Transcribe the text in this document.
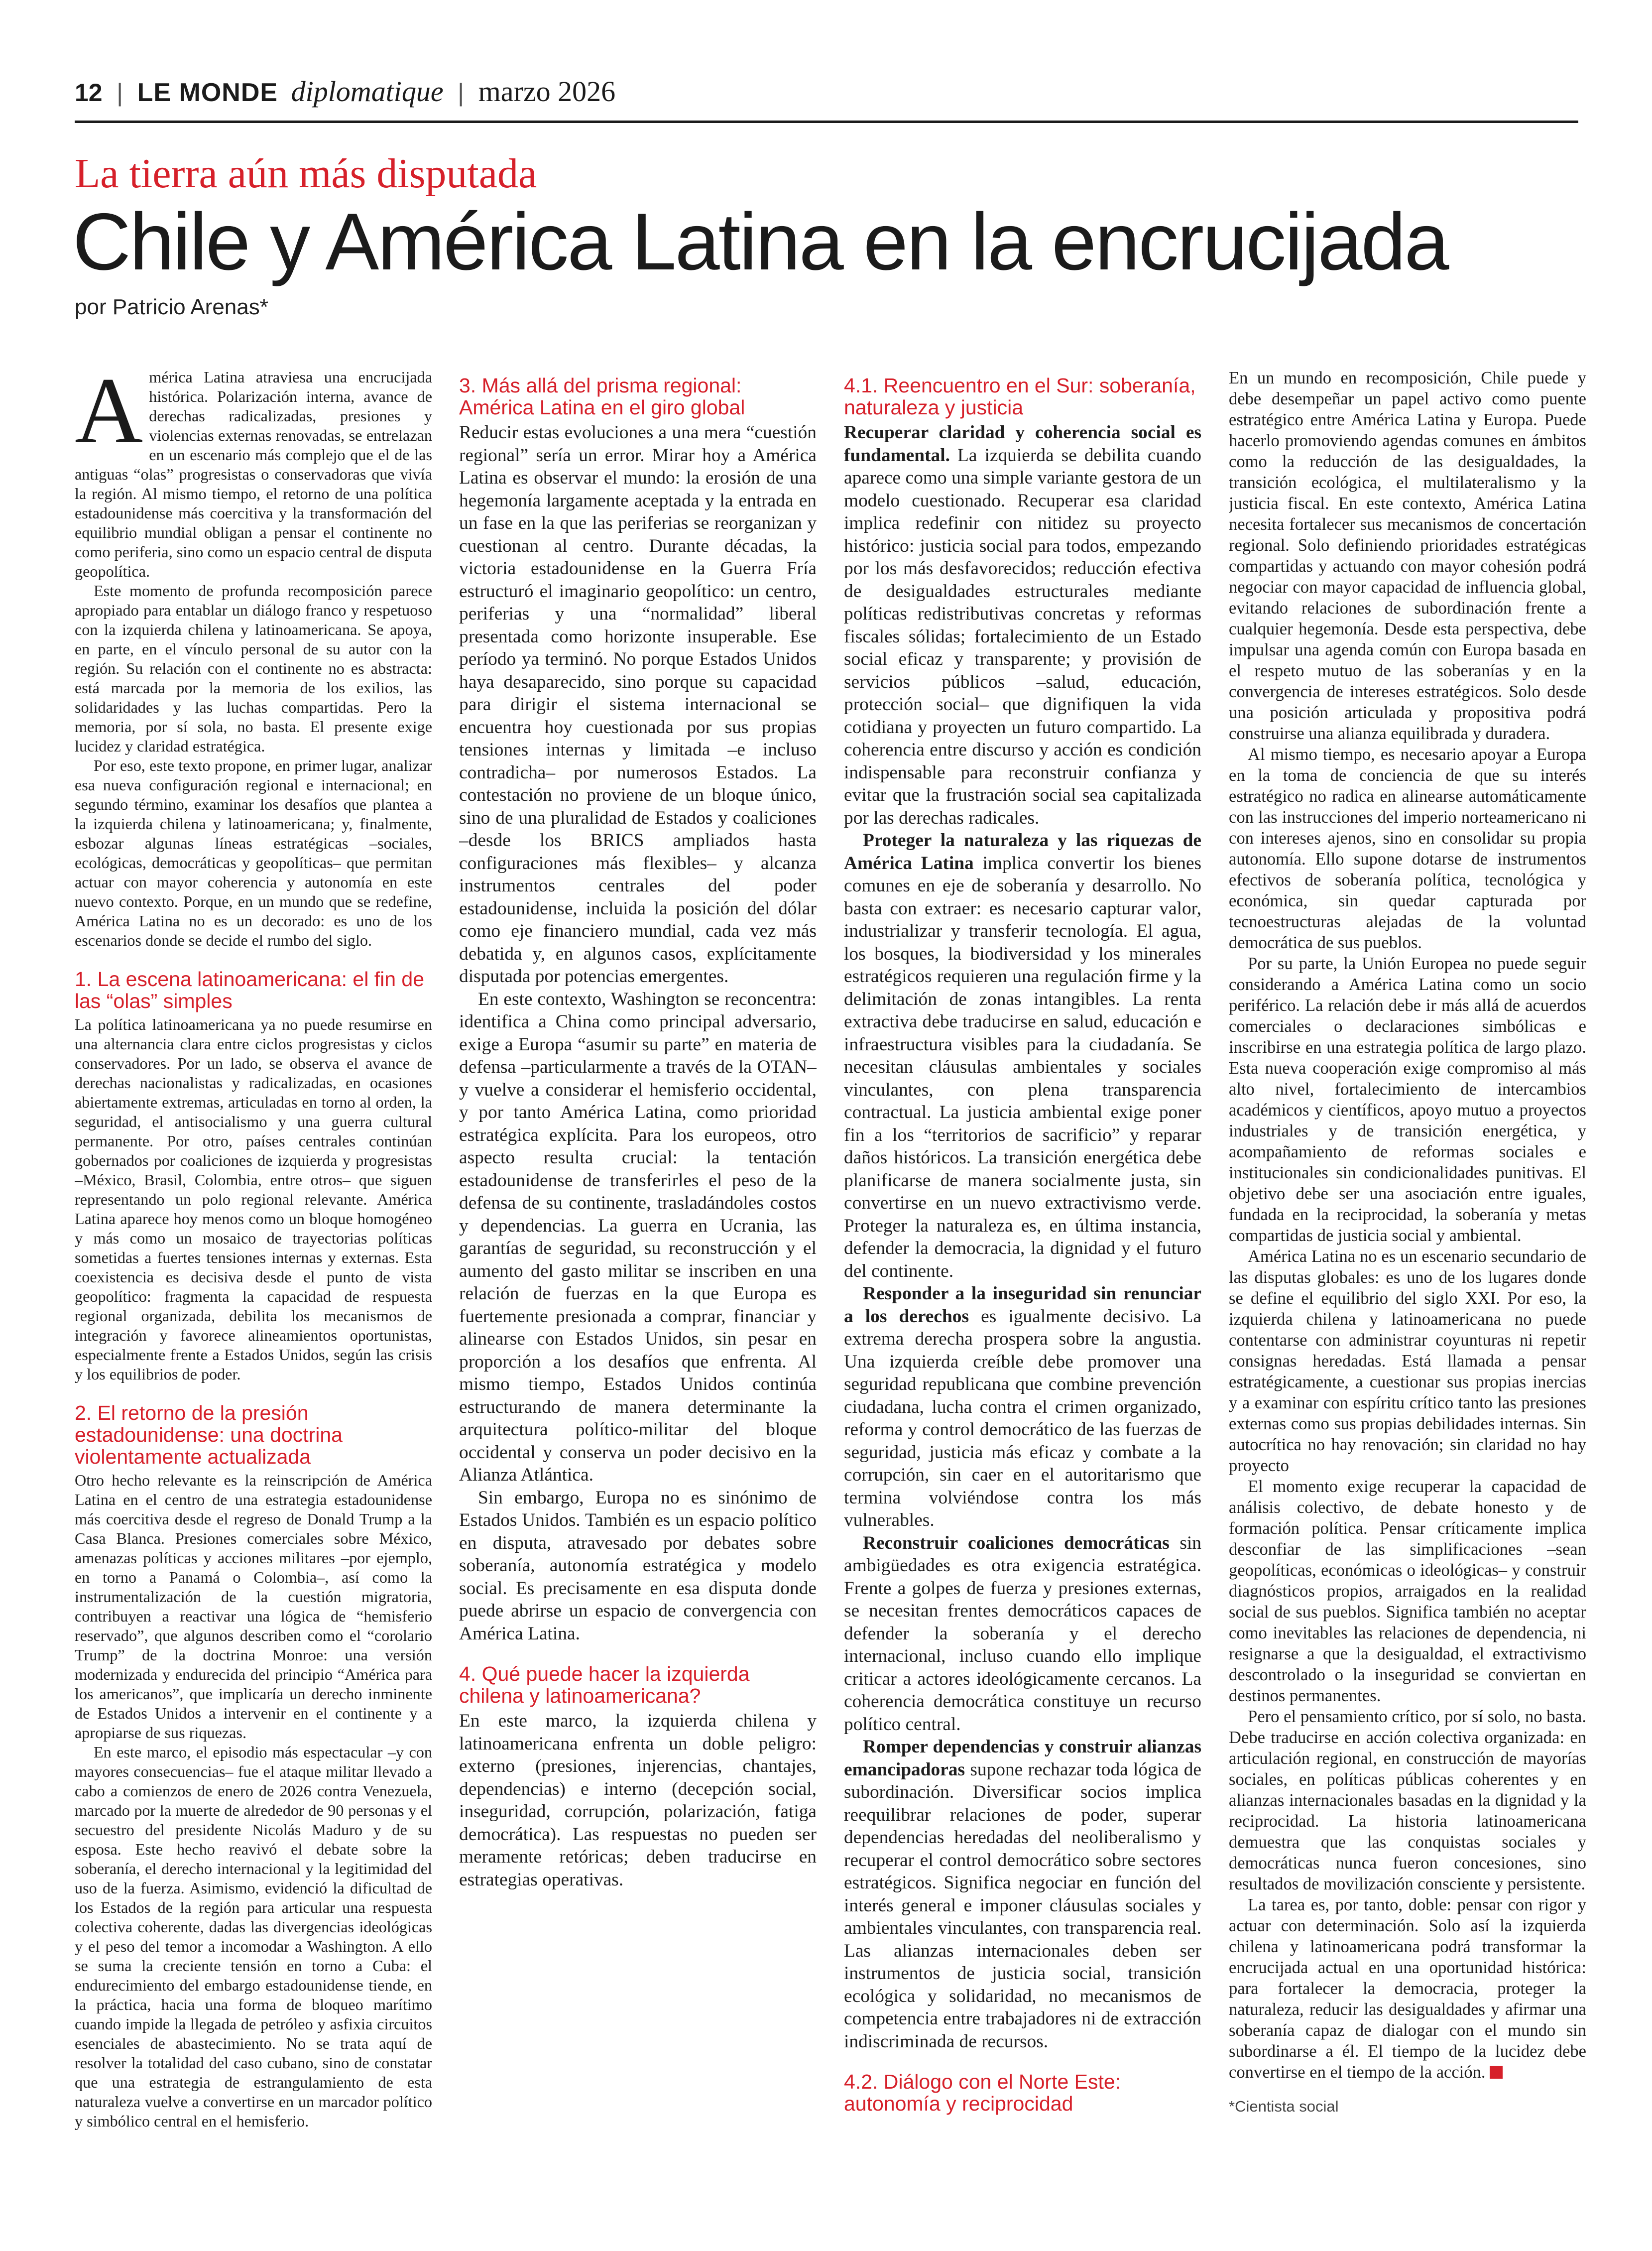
12 | LE MONDE diplomatique | marzo 2026
La tierra aún más disputada
Chile y América Latina en la encrucijada
por Patricio Arenas*

América Latina atraviesa una encrucijada histórica. Polarización interna, avance de derechas radicalizadas, presiones y violencias externas renovadas, se entrelazan en un escenario más complejo que el de las antiguas “olas” progresistas o conservadoras que vivía la región. Al mismo tiempo, el retorno de una política estadounidense más coercitiva y la transformación del equilibrio mundial obligan a pensar el continente no como periferia, sino como un espacio central de disputa geopolítica.

Este momento de profunda recomposición parece apropiado para entablar un diálogo franco y respetuoso con la izquierda chilena y latinoamericana. Se apoya, en parte, en el vínculo personal de su autor con la región. Su relación con el continente no es abstracta: está marcada por la memoria de los exilios, las solidaridades y las luchas compartidas. Pero la memoria, por sí sola, no basta. El presente exige lucidez y claridad estratégica.

Por eso, este texto propone, en primer lugar, analizar esa nueva configuración regional e internacional; en segundo término, examinar los desafíos que plantea a la izquierda chilena y latinoamericana; y, finalmente, esbozar algunas líneas estratégicas –sociales, ecológicas, democráticas y geopolíticas– que permitan actuar con mayor coherencia y autonomía en este nuevo contexto. Porque, en un mundo que se redefine, América Latina no es un decorado: es uno de los escenarios donde se decide el rumbo del siglo.

1. La escena latinoamericana: el fin de las “olas” simples

La política latinoamericana ya no puede resumirse en una alternancia clara entre ciclos progresistas y ciclos conservadores. Por un lado, se observa el avance de derechas nacionalistas y radicalizadas, en ocasiones abiertamente extremas, articuladas en torno al orden, la seguridad, el antisocialismo y una guerra cultural permanente. Por otro, países centrales continúan gobernados por coaliciones de izquierda y progresistas –México, Brasil, Colombia, entre otros– que siguen representando un polo regional relevante. América Latina aparece hoy menos como un bloque homogéneo y más como un mosaico de trayectorias políticas sometidas a fuertes tensiones internas y externas. Esta coexistencia es decisiva desde el punto de vista geopolítico: fragmenta la capacidad de respuesta regional organizada, debilita los mecanismos de integración y favorece alineamientos oportunistas, especialmente frente a Estados Unidos, según las crisis y los equilibrios de poder.

2. El retorno de la presión estadounidense: una doctrina violentamente actualizada

Otro hecho relevante es la reinscripción de América Latina en el centro de una estrategia estadounidense más coercitiva desde el regreso de Donald Trump a la Casa Blanca. Presiones comerciales sobre México, amenazas políticas y acciones militares –por ejemplo, en torno a Panamá o Colombia–, así como la instrumentalización de la cuestión migratoria, contribuyen a reactivar una lógica de “hemisferio reservado”, que algunos describen como el “corolario Trump” de la doctrina Monroe: una versión modernizada y endurecida del principio “América para los americanos”, que implicaría un derecho inminente de Estados Unidos a intervenir en el continente y a apropiarse de sus riquezas.

En este marco, el episodio más espectacular –y con mayores consecuencias– fue el ataque militar llevado a cabo a comienzos de enero de 2026 contra Venezuela, marcado por la muerte de alrededor de 90 personas y el secuestro del presidente Nicolás Maduro y de su esposa. Este hecho reavivó el debate sobre la soberanía, el derecho internacional y la legitimidad del uso de la fuerza. Asimismo, evidenció la dificultad de los Estados de la región para articular una respuesta colectiva coherente, dadas las divergencias ideológicas y el peso del temor a incomodar a Washington. A ello se suma la creciente tensión en torno a Cuba: el endurecimiento del embargo estadounidense tiende, en la práctica, hacia una forma de bloqueo marítimo cuando impide la llegada de petróleo y asfixia circuitos esenciales de abastecimiento. No se trata aquí de resolver la totalidad del caso cubano, sino de constatar que una estrategia de estrangulamiento de esta naturaleza vuelve a convertirse en un marcador político y simbólico central en el hemisferio.

3. Más allá del prisma regional: América Latina en el giro global

Reducir estas evoluciones a una mera “cuestión regional” sería un error. Mirar hoy a América Latina es observar el mundo: la erosión de una hegemonía largamente aceptada y la entrada en un fase en la que las periferias se reorganizan y cuestionan al centro. Durante décadas, la victoria estadounidense en la Guerra Fría estructuró el imaginario geopolítico: un centro, periferias y una “normalidad” liberal presentada como horizonte insuperable. Ese período ya terminó. No porque Estados Unidos haya desaparecido, sino porque su capacidad para dirigir el sistema internacional se encuentra hoy cuestionada por sus propias tensiones internas y limitada –e incluso contradicha– por numerosos Estados. La contestación no proviene de un bloque único, sino de una pluralidad de Estados y coaliciones –desde los BRICS ampliados hasta configuraciones más flexibles– y alcanza instrumentos centrales del poder estadounidense, incluida la posición del dólar como eje financiero mundial, cada vez más debatida y, en algunos casos, explícitamente disputada por potencias emergentes.

En este contexto, Washington se reconcentra: identifica a China como principal adversario, exige a Europa “asumir su parte” en materia de defensa –particularmente a través de la OTAN– y vuelve a considerar el hemisferio occidental, y por tanto América Latina, como prioridad estratégica explícita. Para los europeos, otro aspecto resulta crucial: la tentación estadounidense de transferirles el peso de la defensa de su continente, trasladándoles costos y dependencias. La guerra en Ucrania, las garantías de seguridad, su reconstrucción y el aumento del gasto militar se inscriben en una relación de fuerzas en la que Europa es fuertemente presionada a comprar, financiar y alinearse con Estados Unidos, sin pesar en proporción a los desafíos que enfrenta. Al mismo tiempo, Estados Unidos continúa estructurando de manera determinante la arquitectura político-militar del bloque occidental y conserva un poder decisivo en la Alianza Atlántica.

Sin embargo, Europa no es sinónimo de Estados Unidos. También es un espacio político en disputa, atravesado por debates sobre soberanía, autonomía estratégica y modelo social. Es precisamente en esa disputa donde puede abrirse un espacio de convergencia con América Latina.

4. Qué puede hacer la izquierda chilena y latinoamericana?

En este marco, la izquierda chilena y latinoamericana enfrenta un doble peligro: externo (presiones, injerencias, chantajes, dependencias) e interno (decepción social, inseguridad, corrupción, polarización, fatiga democrática). Las respuestas no pueden ser meramente retóricas; deben traducirse en estrategias operativas.

4.1. Reencuentro en el Sur: soberanía, naturaleza y justicia

Recuperar claridad y coherencia social es fundamental. La izquierda se debilita cuando aparece como una simple variante gestora de un modelo cuestionado. Recuperar esa claridad implica redefinir con nitidez su proyecto histórico: justicia social para todos, empezando por los más desfavorecidos; reducción efectiva de desigualdades estructurales mediante políticas redistributivas concretas y reformas fiscales sólidas; fortalecimiento de un Estado social eficaz y transparente; y provisión de servicios públicos –salud, educación, protección social– que dignifiquen la vida cotidiana y proyecten un futuro compartido. La coherencia entre discurso y acción es condición indispensable para reconstruir confianza y evitar que la frustración social sea capitalizada por las derechas radicales.

Proteger la naturaleza y las riquezas de América Latina implica convertir los bienes comunes en eje de soberanía y desarrollo. No basta con extraer: es necesario capturar valor, industrializar y transferir tecnología. El agua, los bosques, la biodiversidad y los minerales estratégicos requieren una regulación firme y la delimitación de zonas intangibles. La renta extractiva debe traducirse en salud, educación e infraestructura visibles para la ciudadanía. Se necesitan cláusulas ambientales y sociales vinculantes, con plena transparencia contractual. La justicia ambiental exige poner fin a los “territorios de sacrificio” y reparar daños históricos. La transición energética debe planificarse de manera socialmente justa, sin convertirse en un nuevo extractivismo verde. Proteger la naturaleza es, en última instancia, defender la democracia, la dignidad y el futuro del continente.

Responder a la inseguridad sin renunciar a los derechos es igualmente decisivo. La extrema derecha prospera sobre la angustia. Una izquierda creíble debe promover una seguridad republicana que combine prevención ciudadana, lucha contra el crimen organizado, reforma y control democrático de las fuerzas de seguridad, justicia más eficaz y combate a la corrupción, sin caer en el autoritarismo que termina volviéndose contra los más vulnerables.

Reconstruir coaliciones democráticas sin ambigüedades es otra exigencia estratégica. Frente a golpes de fuerza y presiones externas, se necesitan frentes democráticos capaces de defender la soberanía y el derecho internacional, incluso cuando ello implique criticar a actores ideológicamente cercanos. La coherencia democrática constituye un recurso político central.

Romper dependencias y construir alianzas emancipadoras supone rechazar toda lógica de subordinación. Diversificar socios implica reequilibrar relaciones de poder, superar dependencias heredadas del neoliberalismo y recuperar el control democrático sobre sectores estratégicos. Significa negociar en función del interés general e imponer cláusulas sociales y ambientales vinculantes, con transparencia real. Las alianzas internacionales deben ser instrumentos de justicia social, transición ecológica y solidaridad, no mecanismos de competencia entre trabajadores ni de extracción indiscriminada de recursos.

4.2. Diálogo con el Norte Este: autonomía y reciprocidad

En un mundo en recomposición, Chile puede y debe desempeñar un papel activo como puente estratégico entre América Latina y Europa. Puede hacerlo promoviendo agendas comunes en ámbitos como la reducción de las desigualdades, la transición ecológica, el multilateralismo y la justicia fiscal. En este contexto, América Latina necesita fortalecer sus mecanismos de concertación regional. Solo definiendo prioridades estratégicas compartidas y actuando con mayor cohesión podrá negociar con mayor capacidad de influencia global, evitando relaciones de subordinación frente a cualquier hegemonía. Desde esta perspectiva, debe impulsar una agenda común con Europa basada en el respeto mutuo de las soberanías y en la convergencia de intereses estratégicos. Solo desde una posición articulada y propositiva podrá construirse una alianza equilibrada y duradera.

Al mismo tiempo, es necesario apoyar a Europa en la toma de conciencia de que su interés estratégico no radica en alinearse automáticamente con las instrucciones del imperio norteamericano ni con intereses ajenos, sino en consolidar su propia autonomía. Ello supone dotarse de instrumentos efectivos de soberanía política, tecnológica y económica, sin quedar capturada por tecnoestructuras alejadas de la voluntad democrática de sus pueblos.

Por su parte, la Unión Europea no puede seguir considerando a América Latina como un socio periférico. La relación debe ir más allá de acuerdos comerciales o declaraciones simbólicas e inscribirse en una estrategia política de largo plazo. Esta nueva cooperación exige compromiso al más alto nivel, fortalecimiento de intercambios académicos y científicos, apoyo mutuo a proyectos industriales y de transición energética, y acompañamiento de reformas sociales e institucionales sin condicionalidades punitivas. El objetivo debe ser una asociación entre iguales, fundada en la reciprocidad, la soberanía y metas compartidas de justicia social y ambiental.

América Latina no es un escenario secundario de las disputas globales: es uno de los lugares donde se define el equilibrio del siglo XXI. Por eso, la izquierda chilena y latinoamericana no puede contentarse con administrar coyunturas ni repetir consignas heredadas. Está llamada a pensar estratégicamente, a cuestionar sus propias inercias y a examinar con espíritu crítico tanto las presiones externas como sus propias debilidades internas. Sin autocrítica no hay renovación; sin claridad no hay proyecto

El momento exige recuperar la capacidad de análisis colectivo, de debate honesto y de formación política. Pensar críticamente implica desconfiar de las simplificaciones –sean geopolíticas, económicas o ideológicas– y construir diagnósticos propios, arraigados en la realidad social de sus pueblos. Significa también no aceptar como inevitables las relaciones de dependencia, ni resignarse a que la desigualdad, el extractivismo descontrolado o la inseguridad se conviertan en destinos permanentes.

Pero el pensamiento crítico, por sí solo, no basta. Debe traducirse en acción colectiva organizada: en articulación regional, en construcción de mayorías sociales, en políticas públicas coherentes y en alianzas internacionales basadas en la dignidad y la reciprocidad. La historia latinoamericana demuestra que las conquistas sociales y democráticas nunca fueron concesiones, sino resultados de movilización consciente y persistente.

La tarea es, por tanto, doble: pensar con rigor y actuar con determinación. Solo así la izquierda chilena y latinoamericana podrá transformar la encrucijada actual en una oportunidad histórica: para fortalecer la democracia, proteger la naturaleza, reducir las desigualdades y afirmar una soberanía capaz de dialogar con el mundo sin subordinarse a él. El tiempo de la lucidez debe convertirse en el tiempo de la acción.

*Cientista social
